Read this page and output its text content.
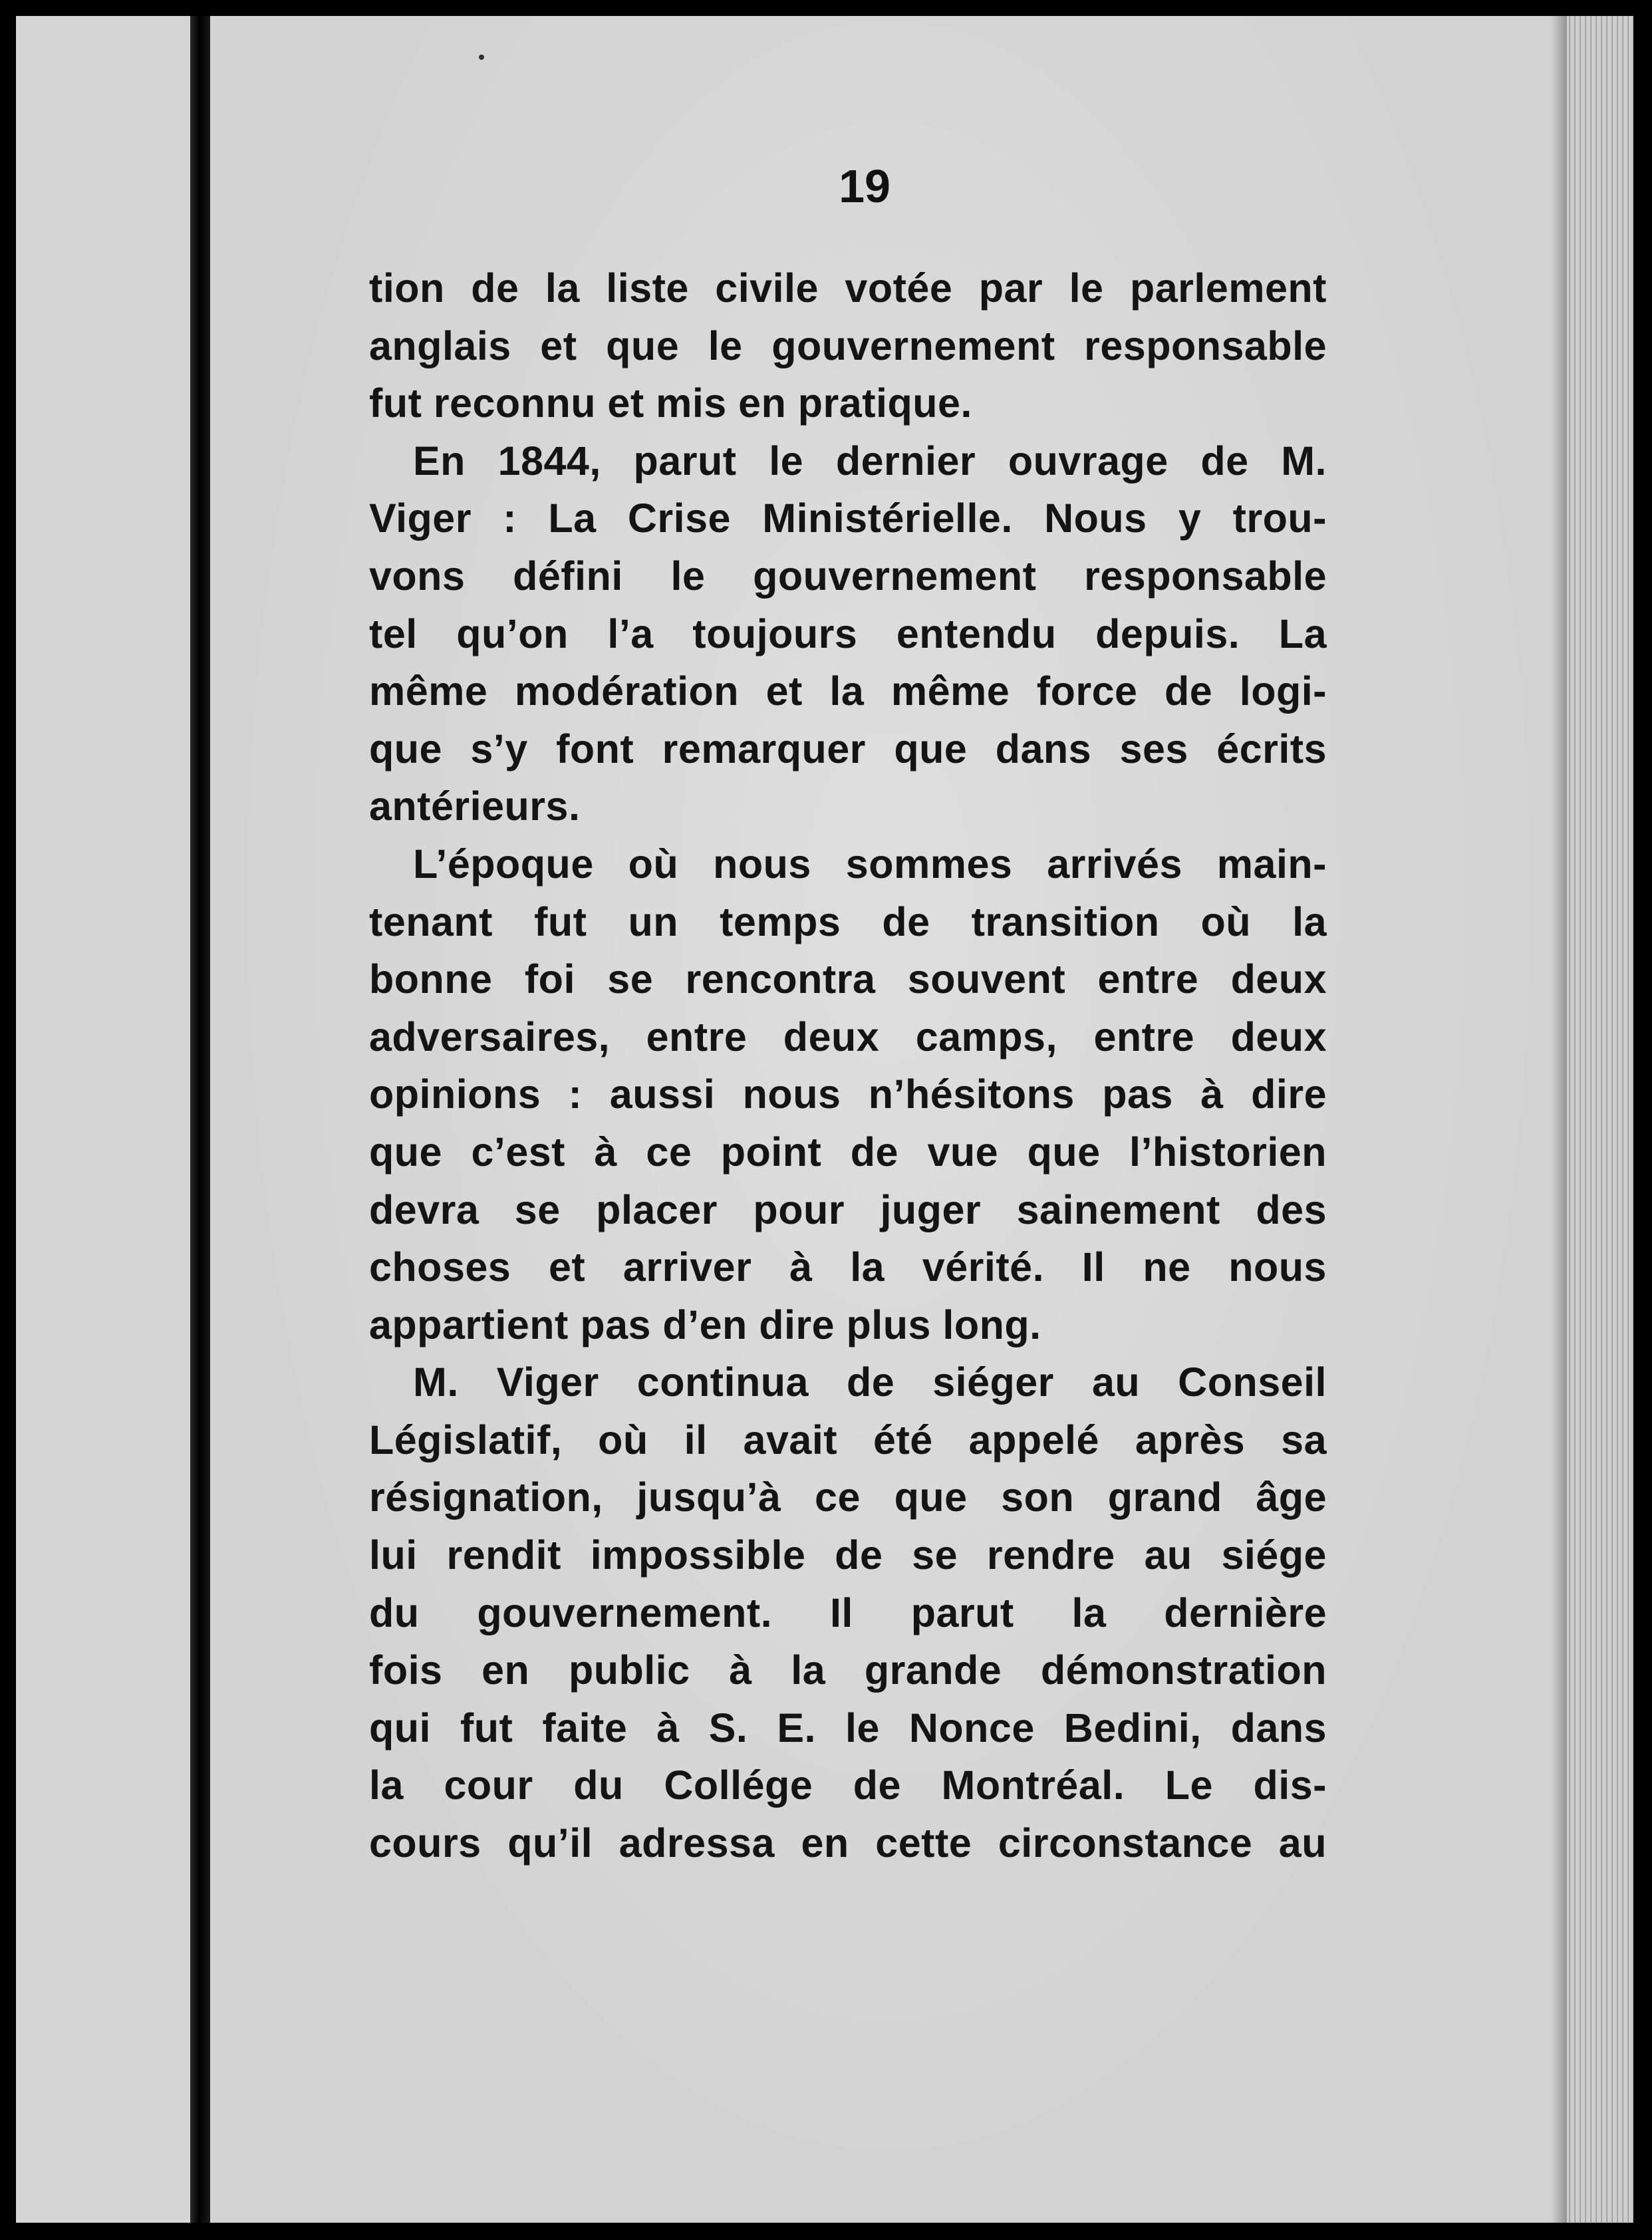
19
tion de la liste civile votée par le parlement
anglais et que le gouvernement responsable
fut reconnu et mis en pratique.
En 1844, parut le dernier ouvrage de M.
Viger : La Crise Ministérielle. Nous y trou-
vons défini le gouvernement responsable
tel qu’on l’a toujours entendu depuis. La
même modération et la même force de logi-
que s’y font remarquer que dans ses écrits
antérieurs.
L’époque où nous sommes arrivés main-
tenant fut un temps de transition où la
bonne foi se rencontra souvent entre deux
adversaires, entre deux camps, entre deux
opinions : aussi nous n’hésitons pas à dire
que c’est à ce point de vue que l’historien
devra se placer pour juger sainement des
choses et arriver à la vérité. Il ne nous
appartient pas d’en dire plus long.
M. Viger continua de siéger au Conseil
Législatif, où il avait été appelé après sa
résignation, jusqu’à ce que son grand âge
lui rendit impossible de se rendre au siége
du gouvernement. Il parut la dernière
fois en public à la grande démonstration
qui fut faite à S. E. le Nonce Bedini, dans
la cour du Collége de Montréal. Le dis-
cours qu’il adressa en cette circonstance au
